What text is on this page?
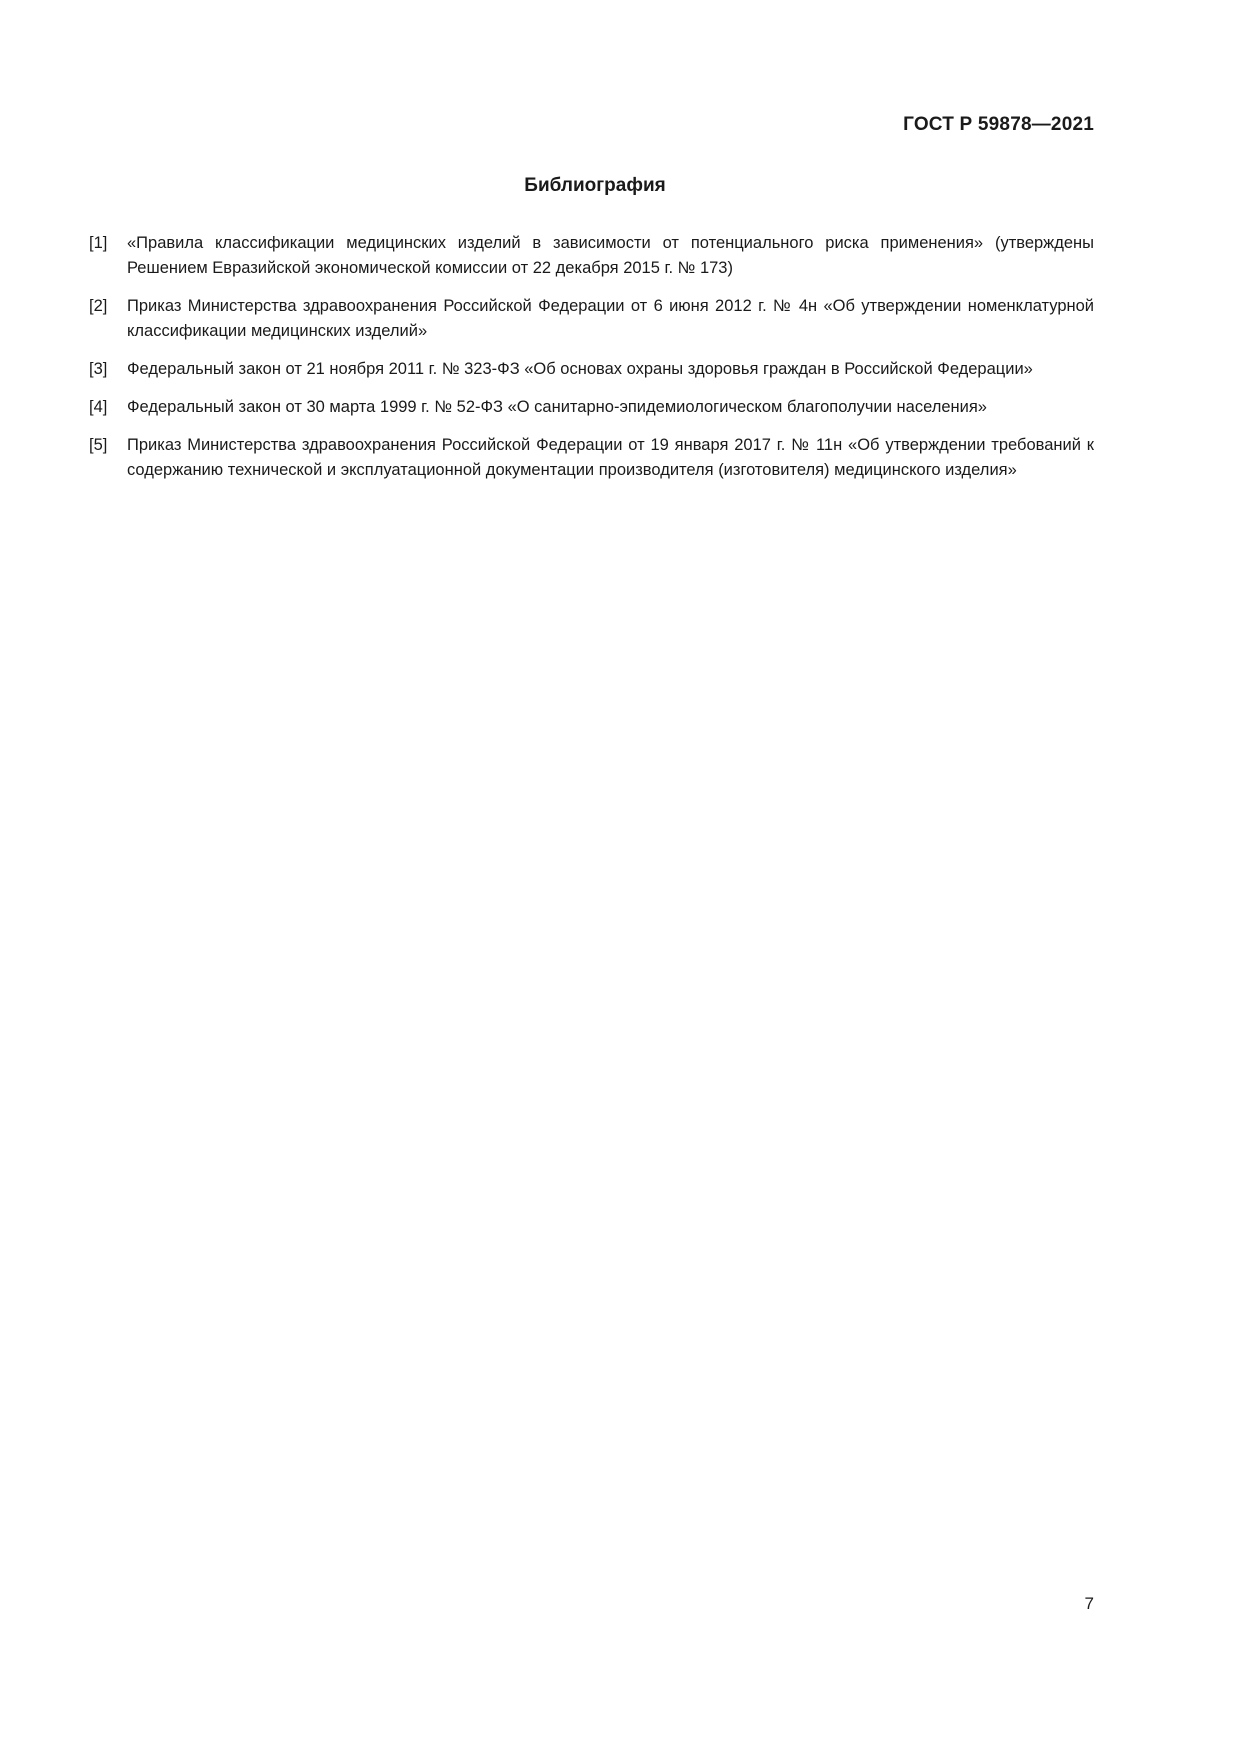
ГОСТ Р 59878—2021
Библиография
[1]	«Правила классификации медицинских изделий в зависимости от потенциального риска применения» (утверждены Решением Евразийской экономической комиссии от 22 декабря 2015 г. № 173)
[2]	Приказ Министерства здравоохранения Российской Федерации от 6 июня 2012 г. № 4н «Об утверждении номенклатурной классификации медицинских изделий»
[3]	Федеральный закон от 21 ноября 2011 г. № 323-ФЗ «Об основах охраны здоровья граждан в Российской Федерации»
[4]	Федеральный закон от 30 марта 1999 г. № 52-ФЗ «О санитарно-эпидемиологическом благополучии населения»
[5]	Приказ Министерства здравоохранения Российской Федерации от 19 января 2017 г. № 11н «Об утверждении требований к содержанию технической и эксплуатационной документации производителя (изготовителя) медицинского изделия»
7
